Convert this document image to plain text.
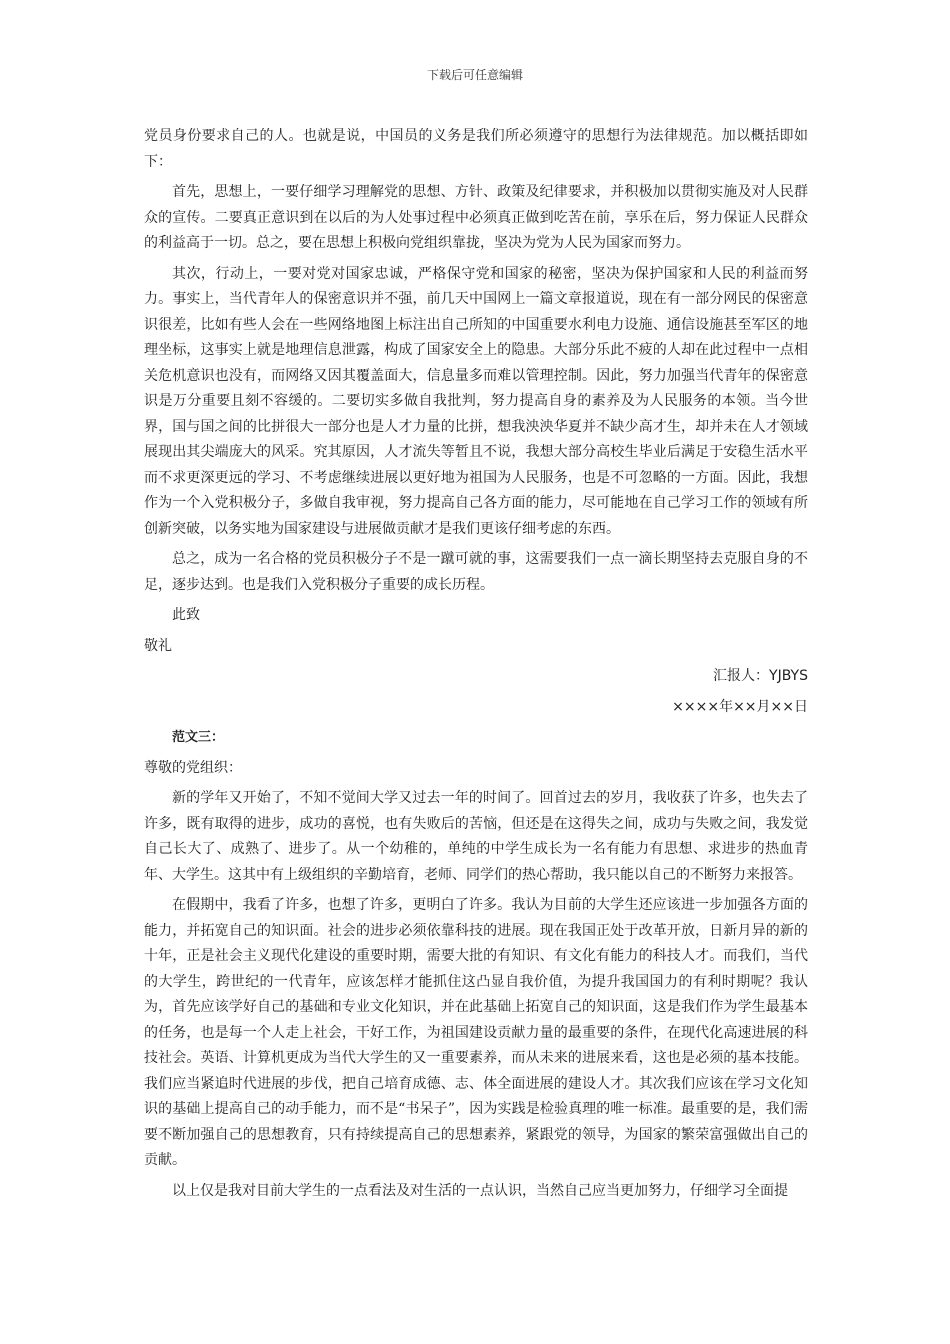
下载后可任意编辑

党员身份要求自己的人。也就是说，中国员的义务是我们所必须遵守的思想行为法律规范。加以概括即如下：

首先，思想上，一要仔细学习理解党的思想、方针、政策及纪律要求，并积极加以贯彻实施及对人民群众的宣传。二要真正意识到在以后的为人处事过程中必须真正做到吃苦在前，享乐在后，努力保证人民群众的利益高于一切。总之，要在思想上积极向党组织靠拢，坚决为党为人民为国家而努力。

其次，行动上，一要对党对国家忠诚，严格保守党和国家的秘密，坚决为保护国家和人民的利益而努力。事实上，当代青年人的保密意识并不强，前几天中国网上一篇文章报道说，现在有一部分网民的保密意识很差，比如有些人会在一些网络地图上标注出自己所知的中国重要水利电力设施、通信设施甚至军区的地理坐标，这事实上就是地理信息泄露，构成了国家安全上的隐患。大部分乐此不疲的人却在此过程中一点相关危机意识也没有，而网络又因其覆盖面大，信息量多而难以管理控制。因此，努力加强当代青年的保密意识是万分重要且刻不容缓的。二要切实多做自我批判，努力提高自身的素养及为人民服务的本领。当今世界，国与国之间的比拼很大一部分也是人才力量的比拼，想我泱泱华夏并不缺少高才生，却并未在人才领域展现出其尖端庞大的风采。究其原因，人才流失等暂且不说，我想大部分高校生毕业后满足于安稳生活水平而不求更深更远的学习、不考虑继续进展以更好地为祖国为人民服务，也是不可忽略的一方面。因此，我想作为一个入党积极分子，多做自我审视，努力提高自己各方面的能力，尽可能地在自己学习工作的领域有所创新突破，以务实地为国家建设与进展做贡献才是我们更该仔细考虑的东西。

总之，成为一名合格的党员积极分子不是一蹴可就的事，这需要我们一点一滴长期坚持去克服自身的不足，逐步达到。也是我们入党积极分子重要的成长历程。

此致

敬礼

汇报人：YJBYS

××××年××月××日

范文三：

尊敬的党组织：

新的学年又开始了，不知不觉间大学又过去一年的时间了。回首过去的岁月，我收获了许多，也失去了许多，既有取得的进步，成功的喜悦，也有失败后的苦恼，但还是在这得失之间，成功与失败之间，我发觉自己长大了、成熟了、进步了。从一个幼稚的，单纯的中学生成长为一名有能力有思想、求进步的热血青年、大学生。这其中有上级组织的辛勤培育，老师、同学们的热心帮助，我只能以自己的不断努力来报答。

在假期中，我看了许多，也想了许多，更明白了许多。我认为目前的大学生还应该进一步加强各方面的能力，并拓宽自己的知识面。社会的进步必须依靠科技的进展。现在我国正处于改革开放，日新月异的新的十年，正是社会主义现代化建设的重要时期，需要大批的有知识、有文化有能力的科技人才。而我们，当代的大学生，跨世纪的一代青年，应该怎样才能抓住这凸显自我价值，为提升我国国力的有利时期呢？我认为，首先应该学好自己的基础和专业文化知识，并在此基础上拓宽自己的知识面，这是我们作为学生最基本的任务，也是每一个人走上社会，干好工作，为祖国建设贡献力量的最重要的条件，在现代化高速进展的科技社会。英语、计算机更成为当代大学生的又一重要素养，而从未来的进展来看，这也是必须的基本技能。我们应当紧追时代进展的步伐，把自己培育成德、志、体全面进展的建设人才。其次我们应该在学习文化知识的基础上提高自己的动手能力，而不是“书呆子”，因为实践是检验真理的唯一标准。最重要的是，我们需要不断加强自己的思想教育，只有持续提高自己的思想素养，紧跟党的领导，为国家的繁荣富强做出自己的贡献。

以上仅是我对目前大学生的一点看法及对生活的一点认识，当然自己应当更加努力，仔细学习全面提
